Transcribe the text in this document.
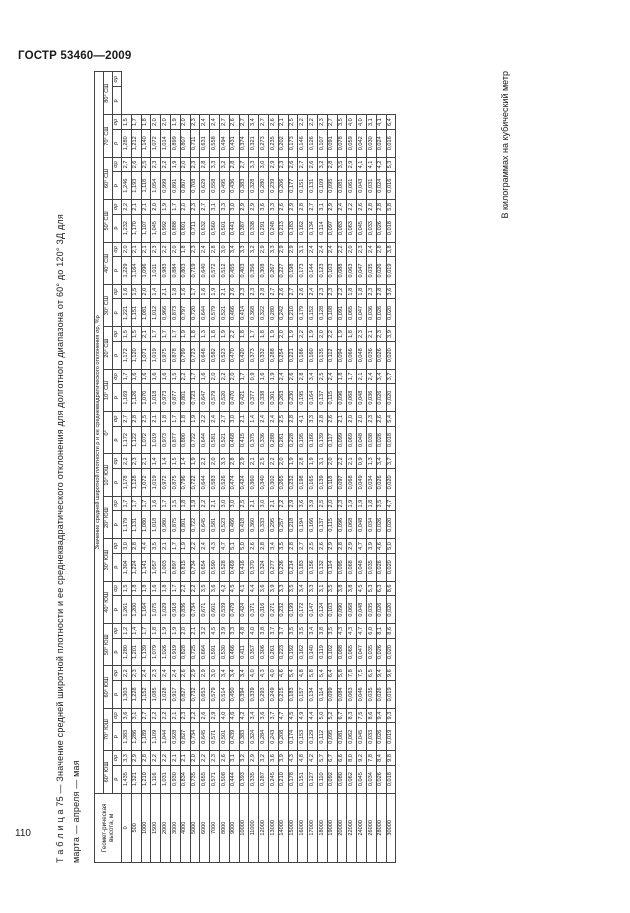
ГОСТР 53460—2009
Т а б л и ц а 75 — Значение средней широтной плотности и ее среднеквадратического отклонения для долготного диапазона от 60° до 120° ЗД для марта — апреля — мая	Геомет-рическая высота, м	Значение средней широтной плотности ρ и ее среднеквадратического отклонения σρ, %ρ																																	
	60° ЮШ		70° ЮШ		60° ЮШ		50° ЮШ		40° ЮШ		30° ЮШ		20° ЮШ		10° ЮШ		0°		10° СШ		20° СШ		30° СШ		40° СШ		50° СШ		60° СШ		70° СШ		80° СШ	
	ρ	σρ	ρ	σρ	ρ	σρ	ρ	σρ	ρ	σρ	ρ	σρ	ρ	σρ	ρ	σρ	ρ	σρ	ρ	σρ	ρ	σρ	ρ	σρ	ρ	σρ	ρ	σρ	ρ	σρ	ρ	σρ	ρ	σρ
0	1,435	3,3	1,383	3,6	1,303	2,2	1,280	1,2	1,261	1,5	1,304	3,0	1,179	1,7	1,178	2,2	1,172	2,7	1,169	1,7	1,172	1,5	1,221	1,6	1,229	2,0	1,232	2,2	1,246	2,7	1,280	1,5		
500	1,321	2,9	1,286	3,1	1,228	2,3	1,201	1,4	1,200	1,8	1,224	2,8	1,131	1,7	1,128	2,3	1,122	2,8	1,126	1,6	1,120	1,5	1,151	1,5	1,164	2,1	1,170	2,1	1,193	2,6	1,212	1,7		
1000	1,210	2,8	1,189	2,7	1,152	2,4	1,139	1,7	1,164	1,8	1,141	4,4	1,080	1,7	1,072	2,1	1,072	2,5	1,070	1,6	1,071	2,1	1,081	2,0	1,096	2,1	1,107	2,1	1,118	2,5	1,140	1,8		
1500	1,116	2,2	1,109	2,2	1,085	2,3	1,079	1,8	1,075	1,6	1,057	3,5	1,018	1,6	1,019	1,4	1,019	2,1	1,018	1,6	1,019	1,7	1,012	1,4	1,011	2,3	1,045	2,0	1,054	2,3	1,072	2,0		
2000	1,031	2,2	1,044	2,2	1,028	2,4	1,026	1,9	1,029	1,8	1,003	2,1	0,980	1,7	0,972	1,4	0,973	1,8	0,973	1,6	0,975	1,7	0,966	2,1	0,983	2,2	0,992	1,9	0,999	2,2	1,014	2,0		
3000	0,930	2,1	0,928	2,1	0,917	2,4	0,919	1,9	0,918	1,7	0,897	1,7	0,875	1,5	0,875	1,5	0,877	1,7	0,877	1,5	0,878	1,7	0,873	1,8	0,884	2,0	0,888	1,7	0,891	1,9	0,899	1,9		
4000	0,834	2,1	0,827	2,3	0,827	2,6	0,828	2,0	0,836	2,2	0,815	1,9	0,801	1,8	0,796	1,4	0,800	1,8	0,801	2,2	0,799	1,9	0,797	1,6	0,803	1,8	0,801	2,0	0,807	2,0	0,807	2,0		
5000	0,735	2,0	0,734	2,2	0,732	2,9	0,725	2,1	0,734	2,2	0,734	2,2	0,722	1,9	0,722	1,9	0,722	1,9	0,723	1,7	0,723	1,8	0,720	1,7	0,719	2,3	0,711	2,3	0,708	2,3	0,711	2,3		
6000	0,655	2,2	0,645	2,6	0,653	2,9	0,664	3,2	0,671	3,5	0,654	2,4	0,645	2,2	0,644	2,2	0,644	2,2	0,647	1,6	0,648	1,3	0,644	1,6	0,640	2,4	0,632	2,7	0,629	2,8	0,631	2,4		
7000	0,571	2,3	0,571	2,9	0,579	3,0	0,591	4,5	0,601	3,6	0,590	4,3	0,581	2,1	0,583	2,0	0,581	2,4	0,579	2,0	0,582	1,8	0,579	1,9	0,572	2,8	0,560	3,1	0,558	3,3	0,558	2,4		
8000	0,508	2,6	0,501	4,0	0,514	3,4	0,530	3,9	0,539	4,2	0,528	4,7	0,523	3,0	0,526	3,3	0,521	2,7	0,520	2,2	0,523	1,9	0,521	2,1	0,512	3,0	0,501	3,3	0,495	3,2	0,494	2,7		
9000	0,444	3,1	0,439	4,6	0,450	3,4	0,466	3,3	0,479	4,5	0,469	5,1	0,466	3,0	0,474	2,8	0,468	3,0	0,470	2,0	0,470	2,2	0,466	2,6	0,455	3,4	0,441	3,0	0,436	2,8	0,431	2,6		
10000	0,393	3,2	0,383	4,2	0,394	3,4	0,411	4,8	0,424	4,1	0,416	5,0	0,418	2,5	0,424	2,9	0,415	2,1	0,421	1,7	0,420	1,8	0,414	2,3	0,403	3,3	0,387	2,9	0,383	2,7	0,374	2,7		
11000	0,335	2,9	0,324	3,4	0,339	4,0	0,357	4,0	0,371	4,4	0,370	2,6	0,360	2,1	0,360	2,1	0,375	1,4	0,377	0,9	0,373	1,7	0,368	2,3	0,356	3,2	0,338	2,9	0,328	3,3	0,321	3,4		
12000	0,287	3,2	0,284	3,6	0,293	4,3	0,306	3,8	0,316	3,6	0,324	2,8	0,333	3,0	0,340	2,5	0,336	2,4	0,338	1,6	0,332	1,8	0,322	2,8	0,308	2,9	0,291	3,6	0,280	3,0	0,273	2,7		
13000	0,245	3,6	0,243	3,7	0,249	4,0	0,261	3,7	0,271	3,9	0,277	3,4	0,295	2,1	0,302	2,2	0,288	2,4	0,301	1,9	0,288	1,9	0,280	2,7	0,267	3,3	0,248	3,3	0,239	2,9	0,235	2,6		
14000	0,210	3,9	0,208	4,7	0,215	4,6	0,223	3,7	0,232	3,3	0,236	3,5	0,257	2,2	0,265	2,0	0,261	2,5	0,263	2,4	0,254	2,0	0,242	2,6	0,227	2,9	0,213	2,6	0,206	2,3	0,202	2,1		
15000	0,178	4,3	0,174	4,5	0,183	5,4	0,192	3,5	0,199	3,5	0,214	2,8	0,218	2,9	0,232	1,9	0,228	2,8	0,230	2,6	0,221	1,9	0,210	2,7	0,198	2,9	0,183	2,9	0,177	2,6	0,173	2,5		
16000	0,151	4,8	0,153	4,9	0,157	4,8	0,162	3,5	0,172	3,4	0,183	2,7	0,194	3,6	0,198	2,8	0,195	4,1	0,195	2,8	0,186	2,2	0,179	2,6	0,173	3,1	0,162	2,8	0,151	2,7	0,146	2,2		
17000	0,127	4,2	0,129	4,4	0,134	5,8	0,140	3,4	0,147	3,3	0,156	2,5	0,166	3,9	0,165	1,9	0,166	3,3	0,164	3,4	0,160	1,9	0,152	2,4	0,144	2,4	0,134	2,7	0,131	2,6	0,126	2,2		
18000	0,110	5,7	0,112	5,0	0,114	5,4	0,119	3,8	0,124	3,1	0,132	2,6	0,137	2,5	0,139	3,1	0,139	2,8	0,137	2,5	0,135	2,0	0,128	2,3	0,123	2,4	0,114	3,1	0,109	3,2	0,107	2,3		
19000	0,092	6,7	0,095	5,2	0,099	6,4	0,102	3,5	0,103	3,5	0,114	2,9	0,115	2,0	0,118	2,0	0,117	2,6	0,115	2,4	0,112	2,2	0,108	2,3	0,103	2,4	0,097	2,9	0,095	2,8	0,091	2,7		
20000	0,080	6,6	0,081	6,7	0,084	5,8	0,088	4,3	0,090	3,8	0,095	2,8	0,096	2,3	0,097	2,2	0,099	2,1	0,096	1,8	0,094	1,9	0,091	2,2	0,088	2,2	0,083	2,4	0,081	3,5	0,078	3,5		
22000	0,062	8,0	0,062	8,3	0,063	7,8	0,065	4,3	0,068	3,8	0,068	2,9	0,068	1,9	0,068	2,1	0,069	2,0	0,068	1,7	0,066	1,8	0,065	1,8	0,063	2,0	0,063	2,2	0,061	2,9	0,059	4,0		
24000	0,045	9,2	0,045	7,5	0,046	7,5	0,047	4,7	0,048	4,5	0,048	4,7	0,048	1,9	0,049	0,9	0,048	2,0	0,048	2,1	0,048	2,3	0,047	1,8	0,047	2,3	0,045	2,6	0,043	4,1	0,042	4,0		
26000	0,034	7,8	0,033	8,6	0,035	6,5	0,035	6,0	0,035	5,3	0,035	3,9	0,034	1,8	0,034	1,3	0,038	2,3	0,036	2,4	0,036	2,1	0,036	2,3	0,035	2,4	0,033	2,8	0,031	4,1	0,030	3,1		
28000	0,026	8,4	0,026	9,4	0,026	9,4	0,026	8,1	0,026	6,3	0,026	4,6	0,026	3,5	0,026	3,4	0,026	2,6	0,026	3,4	0,026	2,3	0,026	2,8	0,026	2,8	0,026	2,8	0,024	4,2	0,024	4,1		
30000	0,018	9,8	0,019	9,3	0,019	9,6	0,020	8,6	0,020	8,6	0,020	5,0	0,020	4,7	0,020	3,7	0,018	5,4	0,020	3,7	0,020	3,9	0,020	3,6	0,019	3,8	0,018	5,8	0,016	5,3	0,016	6,4			В килограммах на кубический метр
110
